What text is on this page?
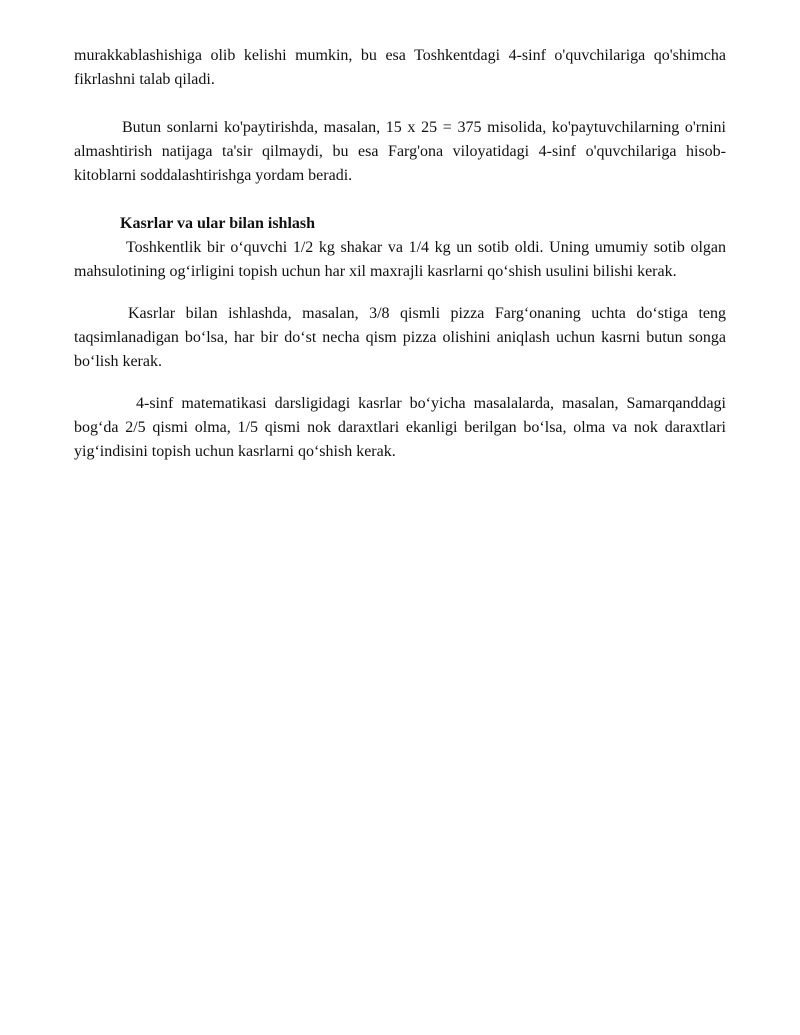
murakkablashishiga olib kelishi mumkin, bu esa Toshkentdagi 4-sinf o'quvchilariga qo'shimcha fikrlashni talab qiladi.

Butun sonlarni ko'paytirishda, masalan, 15 x 25 = 375 misolida, ko'paytuvchilarning o'rnini almashtirish natijaga ta'sir qilmaydi, bu esa Farg'ona viloyatidagi 4-sinf o'quvchilariga hisob-kitoblarni soddalashtirishga yordam beradi.

Kasrlar va ular bilan ishlash

Toshkentlik bir o‘quvchi 1/2 kg shakar va 1/4 kg un sotib oldi. Uning umumiy sotib olgan mahsulotining og‘irligini topish uchun har xil maxrajli kasrlarni qo‘shish usulini bilishi kerak.

Kasrlar bilan ishlashda, masalan, 3/8 qismli pizza Farg‘onaning uchta do‘stiga teng taqsimlanadigan bo‘lsa, har bir do‘st necha qism pizza olishini aniqlash uchun kasrni butun songa bo‘lish kerak.

4-sinf matematikasi darsligidagi kasrlar bo‘yicha masalalarda, masalan, Samarqanddagi bog‘da 2/5 qismi olma, 1/5 qismi nok daraxtlari ekanligi berilgan bo‘lsa, olma va nok daraxtlari yig‘indisini topish uchun kasrlarni qo‘shish kerak.
